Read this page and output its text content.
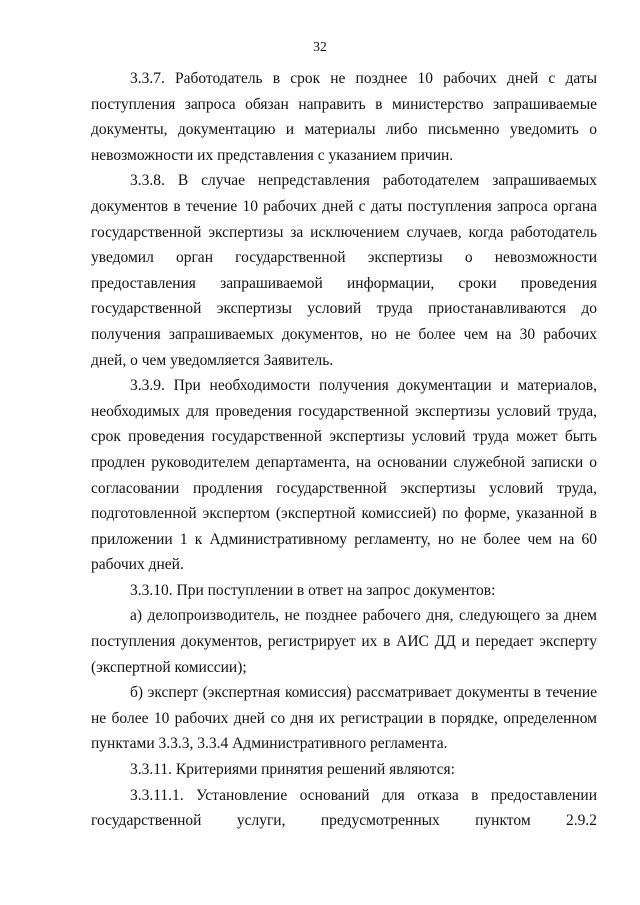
32

3.3.7. Работодатель в срок не позднее 10 рабочих дней с даты поступления запроса обязан направить в министерство запрашиваемые документы, документацию и материалы либо письменно уведомить о невозможности их представления с указанием причин.

3.3.8. В случае непредставления работодателем запрашиваемых документов в течение 10 рабочих дней с даты поступления запроса органа государственной экспертизы за исключением случаев, когда работодатель уведомил орган государственной экспертизы о невозможности предоставления запрашиваемой информации, сроки проведения государственной экспертизы условий труда приостанавливаются до получения запрашиваемых документов, но не более чем на 30 рабочих дней, о чем уведомляется Заявитель.

3.3.9. При необходимости получения документации и материалов, необходимых для проведения государственной экспертизы условий труда, срок проведения государственной экспертизы условий труда может быть продлен руководителем департамента, на основании служебной записки о согласовании продления государственной экспертизы условий труда, подготовленной экспертом (экспертной комиссией) по форме, указанной в приложении 1 к Административному регламенту, но не более чем на 60 рабочих дней.

3.3.10. При поступлении в ответ на запрос документов:

а) делопроизводитель, не позднее рабочего дня, следующего за днем поступления документов, регистрирует их в АИС ДД и передает эксперту (экспертной комиссии);

б) эксперт (экспертная комиссия) рассматривает документы в течение не более 10 рабочих дней со дня их регистрации в порядке, определенном пунктами 3.3.3, 3.3.4 Административного регламента.

3.3.11. Критериями принятия решений являются:

3.3.11.1. Установление оснований для отказа в предоставлении государственной услуги, предусмотренных пунктом 2.9.2
